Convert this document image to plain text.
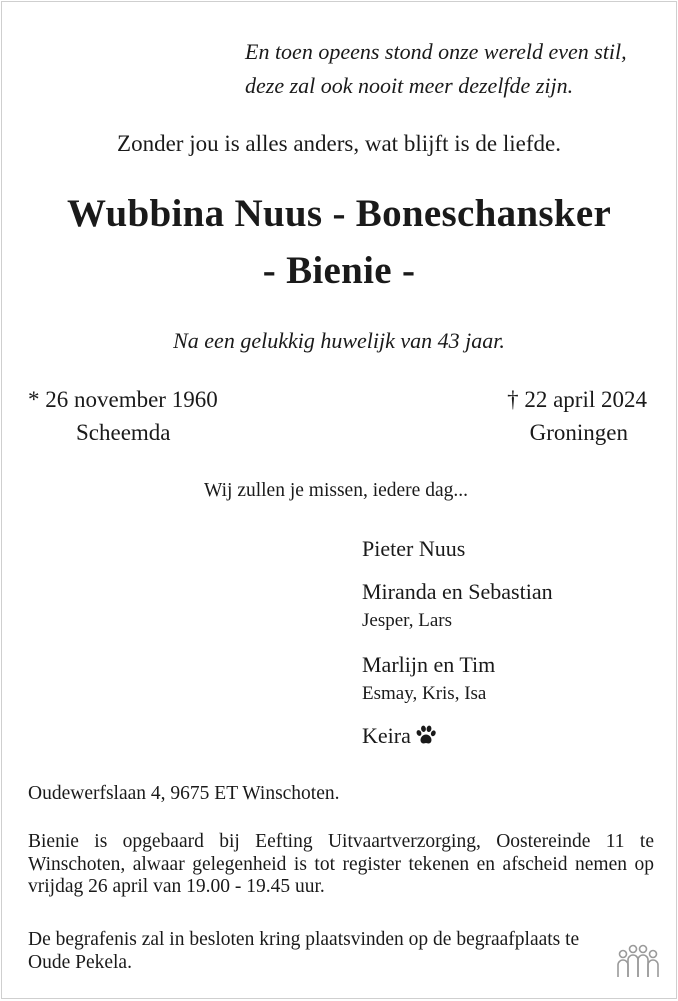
En toen opeens stond onze wereld even stil,
deze zal ook nooit meer dezelfde zijn.
Zonder jou is alles anders, wat blijft is de liefde.
Wubbina Nuus - Boneschansker
- Bienie -
Na een gelukkig huwelijk van 43 jaar.
* 26 november 1960
Scheemda
† 22 april 2024
Groningen
Wij zullen je missen, iedere dag...
Pieter Nuus
Miranda en Sebastian
Jesper, Lars
Marlijn en Tim
Esmay, Kris, Isa
Keira
Oudewerfslaan 4, 9675 ET Winschoten.
Bienie is opgebaard bij Eefting Uitvaartverzorging, Oostereinde 11 te Winschoten, alwaar gelegenheid is tot register tekenen en afscheid nemen op vrijdag 26 april van 19.00 - 19.45 uur.
De begrafenis zal in besloten kring plaatsvinden op de begraafplaats te Oude Pekela.
